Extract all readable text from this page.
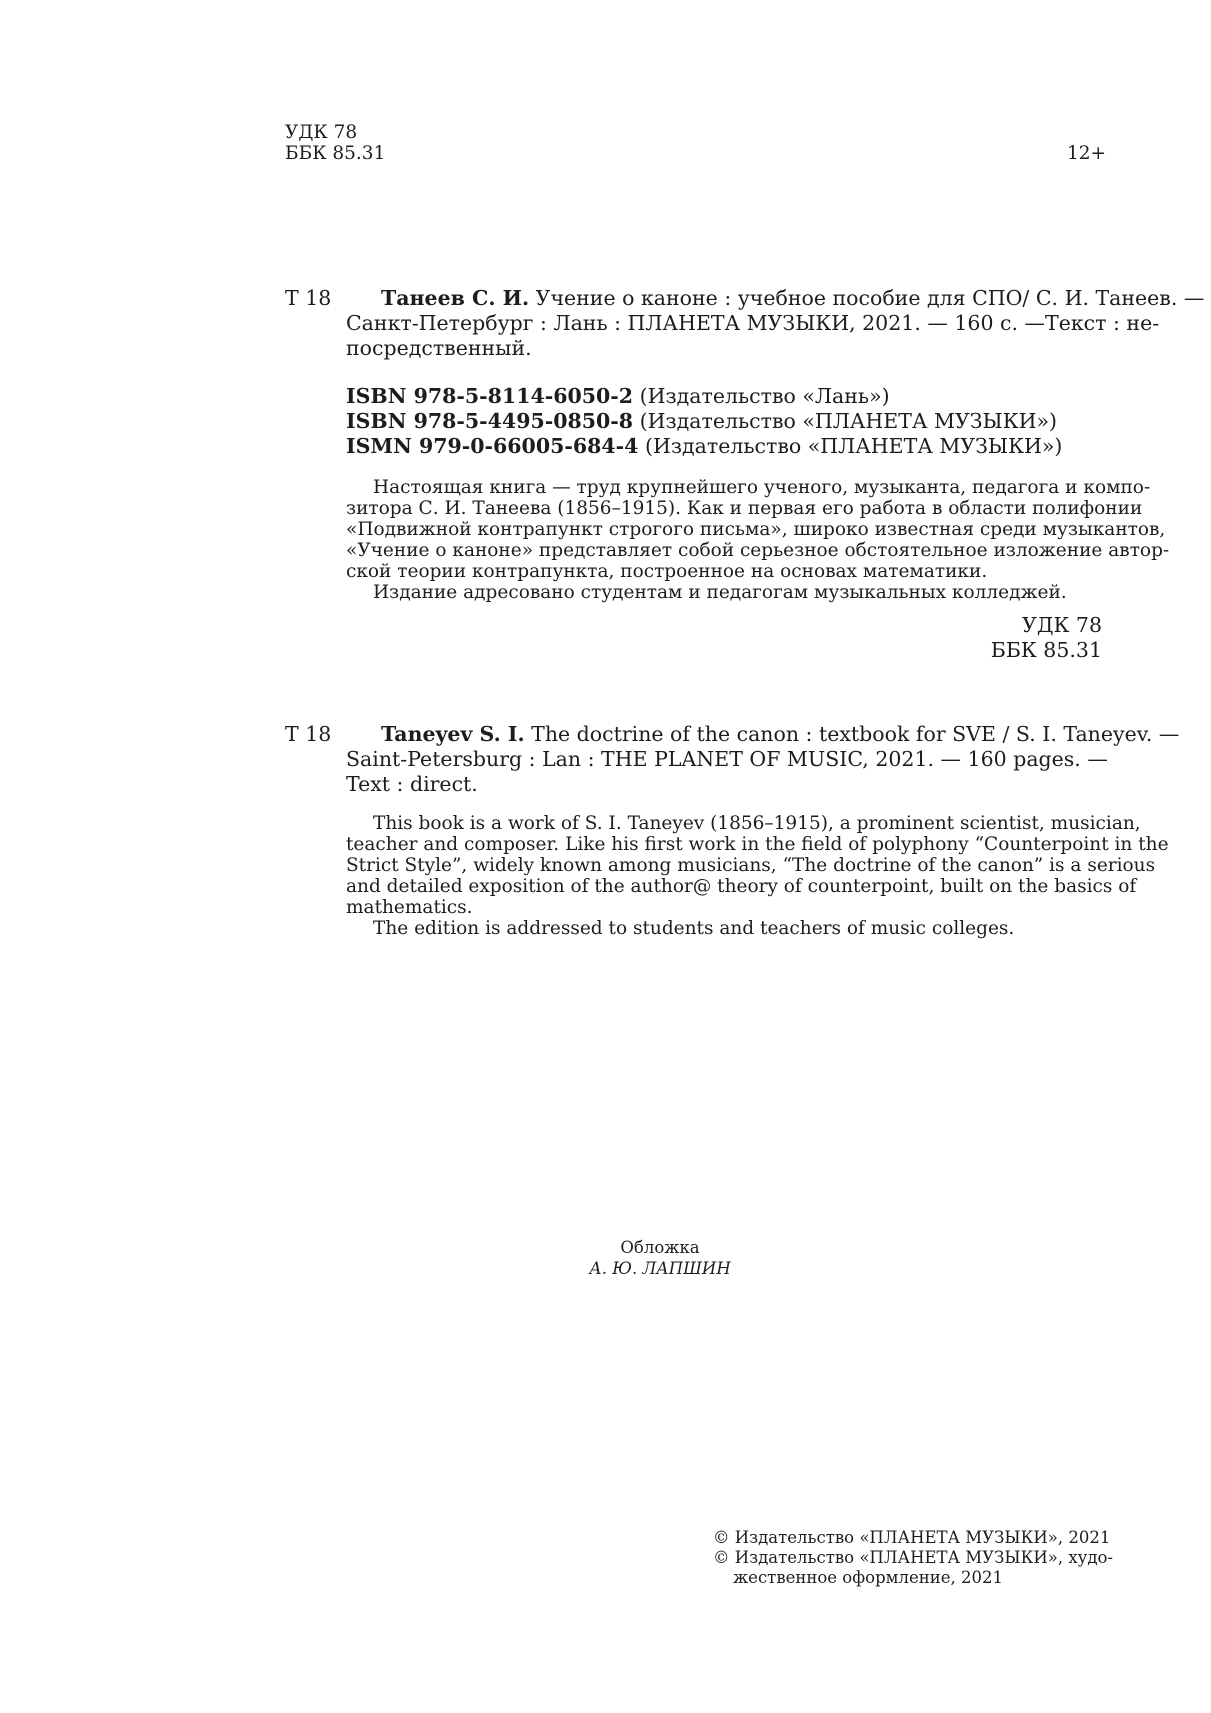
УДК 78
ББК 85.31	12+
Т 18 Танеев С. И. Учение о каноне : учебное пособие для СПО/ С. И. Танеев. —
Санкт-Петербург : Лань : ПЛАНЕТА МУЗЫКИ, 2021. — 160 с. —Текст : не-
посредственный.
ISBN 978-5-8114-6050-2 (Издательство «Лань»)
ISBN 978-5-4495-0850-8 (Издательство «ПЛАНЕТА МУЗЫКИ»)
ISMN 979-0-66005-684-4 (Издательство «ПЛАНЕТА МУЗЫКИ»)
Настоящая книга — труд крупнейшего ученого, музыканта, педагога и компо-
зитора С. И. Танеева (1856–1915). Как и первая его работа в области полифонии
«Подвижной контрапункт строгого письма», широко известная среди музыкантов,
«Учение о каноне» представляет собой серьезное обстоятельное изложение автор-
ской теории контрапункта, построенное на основах математики.
Издание адресовано студентам и педагогам музыкальных колледжей.
УДК 78
ББК 85.31
T 18 Taneyev S. I. The doctrine of the canon : textbook for SVE / S. I. Taneyev. —
Saint-Petersburg : Lan : THE PLANET OF MUSIC, 2021. — 160 pages. —
Text : direct.
This book is a work of S. I. Taneyev (1856–1915), a prominent scientist, musician,
teacher and composer. Like his first work in the field of polyphony “Counterpoint in the
Strict Style”, widely known among musicians, “The doctrine of the canon” is a serious
and detailed exposition of the author@ theory of counterpoint, built on the basics of
mathematics.
The edition is addressed to students and teachers of music colleges.
Обложка
А. Ю. ЛАПШИН
© Издательство «ПЛАНЕТА МУЗЫКИ», 2021
© Издательство «ПЛАНЕТА МУЗЫКИ», худо-
жественное оформление, 2021
